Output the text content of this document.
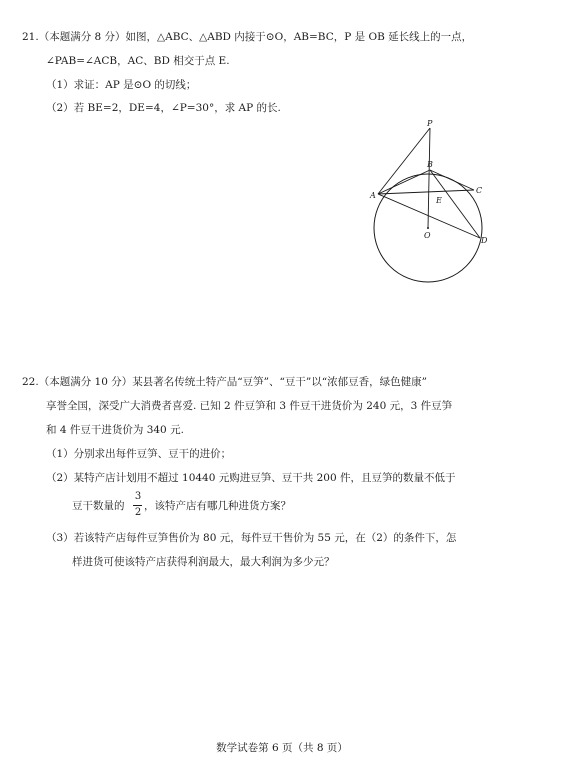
21.（本题满分 8 分）如图，△ABC、△ABD 内接于⊙O，AB=BC，P 是 OB 延长线上的一点，
∠PAB=∠ACB，AC、BD 相交于点 E.
（1）求证：AP 是⊙O 的切线；
（2）若 BE=2，DE=4，∠P=30°，求 AP 的长.
P
B
A
C
E
O
D
22.（本题满分 10 分）某县著名传统土特产品“豆笋”、“豆干”以“浓郁豆香，绿色健康”
享誉全国，深受广大消费者喜爱. 已知 2 件豆笋和 3 件豆干进货价为 240 元，3 件豆笋
和 4 件豆干进货价为 340 元.
（1）分别求出每件豆笋、豆干的进价；
（2）某特产店计划用不超过 10440 元购进豆笋、豆干共 200 件，且豆笋的数量不低于
豆干数量的
3
2
，该特产店有哪几种进货方案？
（3）若该特产店每件豆笋售价为 80 元，每件豆干售价为 55 元，在（2）的条件下，怎
样进货可使该特产店获得利润最大，最大利润为多少元？
数学试卷第 6 页（共 8 页）
